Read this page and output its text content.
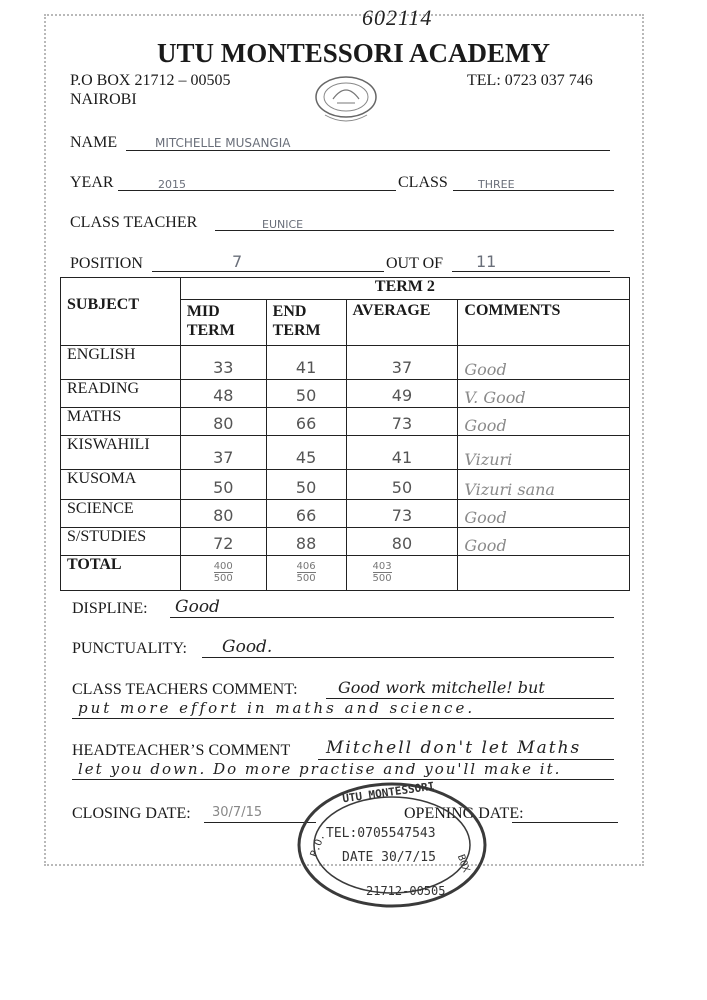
602114
UTU MONTESSORI ACADEMY
P.O BOX 21712 – 00505
NAIROBI
TEL: 0723 037 746
NAME	MITCHELLE MUSANGIA
YEAR	2015	CLASS	THREE
CLASS TEACHER	EUNICE
POSITION	7	OUT OF 11
SUBJECT	TERM 2			
	MID TERM	END TERM	AVERAGE	COMMENTS
ENGLISH	33	41	37	Good
READING	48	50	49	V. Good
MATHS	80	66	73	Good
KISWAHILI	37	45	41	Vizuri
KUSOMA	50	50	50	Vizuri sana
SCIENCE	80	66	73	Good
S/STUDIES	72	88	80	Good
TOTAL	$\frac{400}{500}$	$\frac{406}{500}$	$\frac{403}{500}$

DISPLINE: Good
PUNCTUALITY: Good.
CLASS TEACHERS COMMENT:	Good work mitchelle! but
put more effort in maths and science.
HEADTEACHER’S COMMENT Mitchell don't let Maths
let you down. Do more practise and you'll make it.
CLOSING DATE: 30/7/15	OPENING DATE:
UTU MONTESSORI
TEL:0705547543
DATE 30/7/15
21712-00505
P.O.
BOX
